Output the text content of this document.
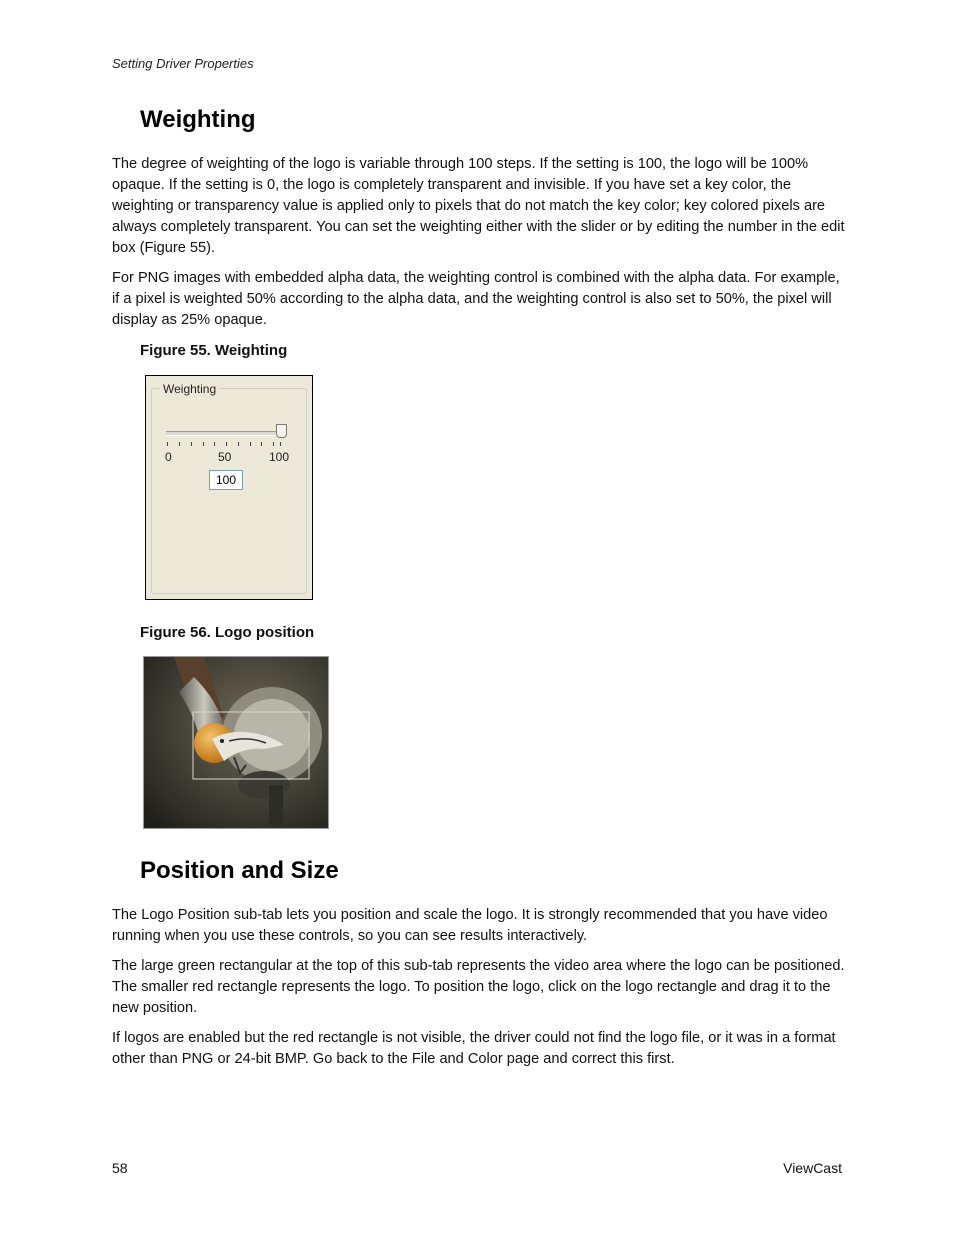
Setting Driver Properties
Weighting

The degree of weighting of the logo is variable through 100 steps. If the setting is 100, the logo will be 100% opaque. If the setting is 0, the logo is completely transparent and invisible. If you have set a key color, the weighting or transparency value is applied only to pixels that do not match the key color; key colored pixels are always completely transparent. You can set the weighting either with the slider or by editing the number in the edit box (Figure 55).

For PNG images with embedded alpha data, the weighting control is combined with the alpha data. For example, if a pixel is weighted 50% according to the alpha data, and the weighting control is also set to 50%, the pixel will display as 25% opaque.

Figure 55. Weighting
Weighting
0	50	100
100
Figure 56. Logo position
Position and Size

The Logo Position sub-tab lets you position and scale the logo. It is strongly recommended that you have video running when you use these controls, so you can see results interactively.

The large green rectangular at the top of this sub-tab represents the video area where the logo can be positioned. The smaller red rectangle represents the logo. To position the logo, click on the logo rectangle and drag it to the new position.

If logos are enabled but the red rectangle is not visible, the driver could not find the logo file, or it was in a format other than PNG or 24-bit BMP. Go back to the File and Color page and correct this first.

58	ViewCast
